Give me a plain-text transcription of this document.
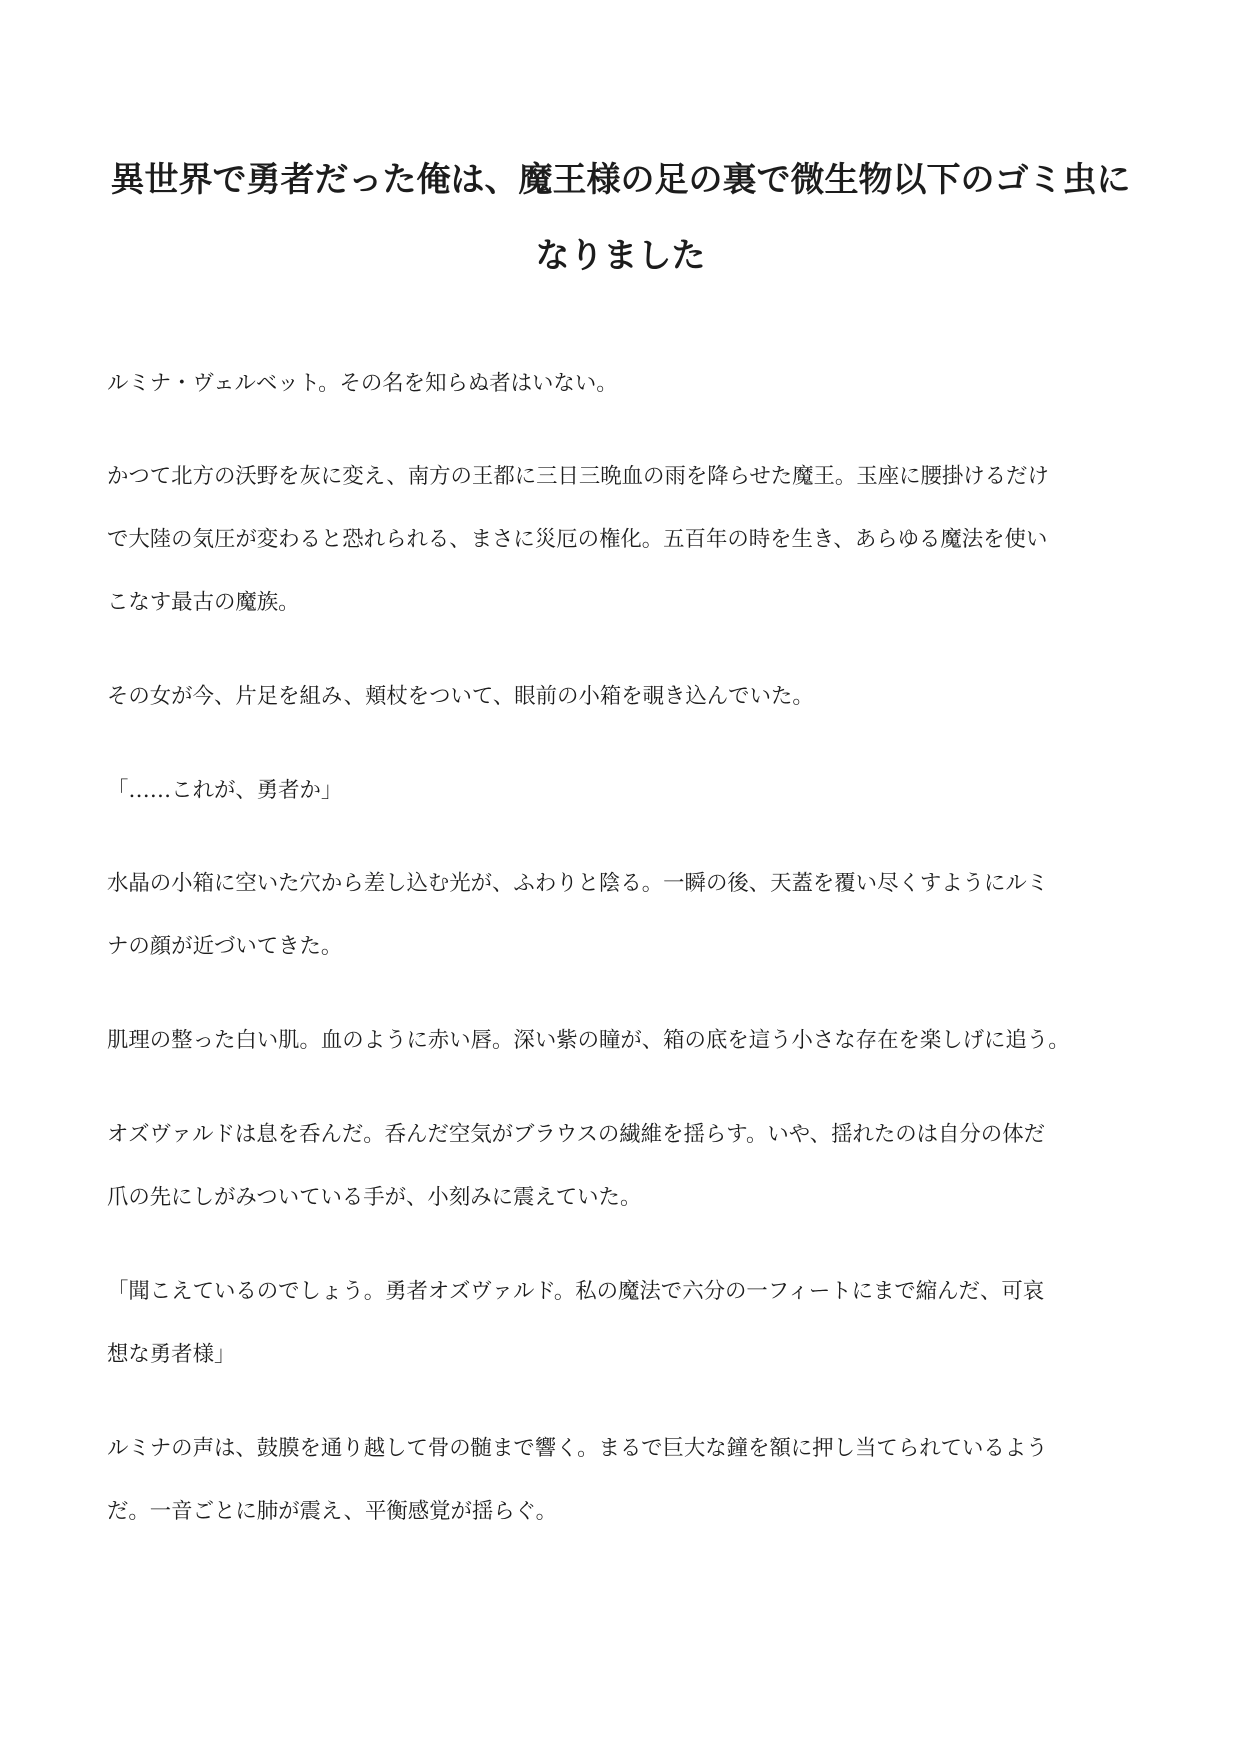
異世界で勇者だった俺は、魔王様の足の裏で微生物以下のゴミ虫に
なりました

ルミナ・ヴェルベット。その名を知らぬ者はいない。

かつて北方の沃野を灰に変え、南方の王都に三日三晩血の雨を降らせた魔王。玉座に腰掛けるだけ

で大陸の気圧が変わると恐れられる、まさに災厄の権化。五百年の時を生き、あらゆる魔法を使い

こなす最古の魔族。

その女が今、片足を組み、頬杖をついて、眼前の小箱を覗き込んでいた。

「……これが、勇者か」

水晶の小箱に空いた穴から差し込む光が、ふわりと陰る。一瞬の後、天蓋を覆い尽くすようにルミ

ナの顔が近づいてきた。

肌理の整った白い肌。血のように赤い唇。深い紫の瞳が、箱の底を這う小さな存在を楽しげに追う。

オズヴァルドは息を呑んだ。呑んだ空気がブラウスの繊維を揺らす。いや、揺れたのは自分の体だ

爪の先にしがみついている手が、小刻みに震えていた。

「聞こえているのでしょう。勇者オズヴァルド。私の魔法で六分の一フィートにまで縮んだ、可哀

想な勇者様」

ルミナの声は、鼓膜を通り越して骨の髄まで響く。まるで巨大な鐘を額に押し当てられているよう

だ。一音ごとに肺が震え、平衡感覚が揺らぐ。
